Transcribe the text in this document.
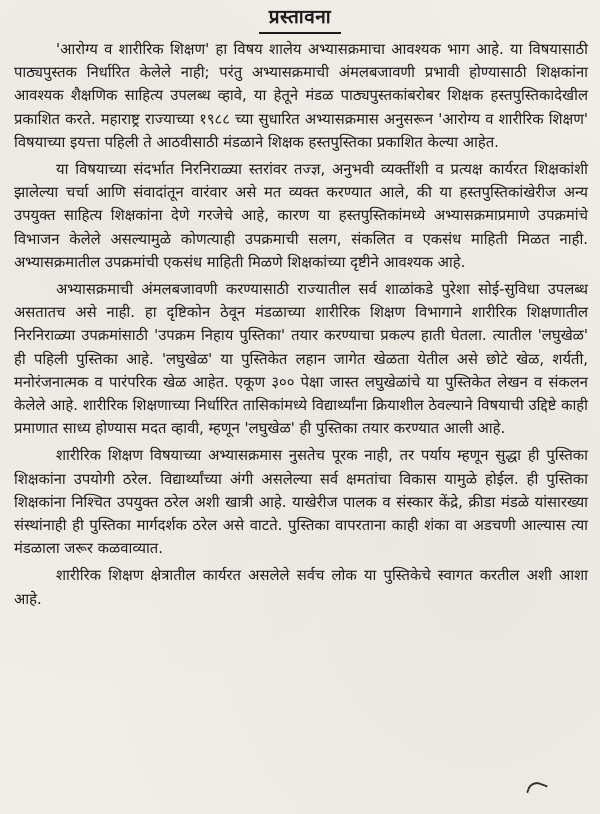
प्रस्तावना

'आरोग्य व शारीरिक शिक्षण' हा विषय शालेय अभ्यासक्रमाचा आवश्यक भाग आहे. या विषयासाठी पाठ्यपुस्तक निर्धारित केलेले नाही; परंतु अभ्यासक्रमाची अंमलबजावणी प्रभावी होण्यासाठी शिक्षकांना आवश्यक शैक्षणिक साहित्य उपलब्ध व्हावे, या हेतूने मंडळ पाठ्यपुस्तकांबरोबर शिक्षक हस्तपुस्तिकादेखील प्रकाशित करते. महाराष्ट्र राज्याच्या १९८८ च्या सुधारित अभ्यासक्रमास अनुसरून 'आरोग्य व शारीरिक शिक्षण' विषयाच्या इयत्ता पहिली ते आठवीसाठी मंडळाने शिक्षक हस्तपुस्तिका प्रकाशित केल्या आहेत.

या विषयाच्या संदर्भात निरनिराळ्या स्तरांवर तज्ज्ञ, अनुभवी व्यक्तींशी व प्रत्यक्ष कार्यरत शिक्षकांशी झालेल्या चर्चा आणि संवादांतून वारंवार असे मत व्यक्त करण्यात आले, की या हस्तपुस्तिकांखेरीज अन्य उपयुक्त साहित्य शिक्षकांना देणे गरजेचे आहे, कारण या हस्तपुस्तिकांमध्ये अभ्यासक्रमाप्रमाणे उपक्रमांचे विभाजन केलेले असल्यामुळे कोणत्याही उपक्रमाची सलग, संकलित व एकसंध माहिती मिळत नाही. अभ्यासक्रमातील उपक्रमांची एकसंध माहिती मिळणे शिक्षकांच्या दृष्टीने आवश्यक आहे.

अभ्यासक्रमाची अंमलबजावणी करण्यासाठी राज्यातील सर्व शाळांकडे पुरेशा सोई-सुविधा उपलब्ध असतातच असे नाही. हा दृष्टिकोन ठेवून मंडळाच्या शारीरिक शिक्षण विभागाने शारीरिक शिक्षणातील निरनिराळ्या उपक्रमांसाठी 'उपक्रम निहाय पुस्तिका' तयार करण्याचा प्रकल्प हाती घेतला. त्यातील 'लघुखेळ' ही पहिली पुस्तिका आहे. 'लघुखेळ' या पुस्तिकेत लहान जागेत खेळता येतील असे छोटे खेळ, शर्यती, मनोरंजनात्मक व पारंपरिक खेळ आहेत. एकूण ३०० पेक्षा जास्त लघुखेळांचे या पुस्तिकेत लेखन व संकलन केलेले आहे. शारीरिक शिक्षणाच्या निर्धारित तासिकांमध्ये विद्यार्थ्यांना क्रियाशील ठेवल्याने विषयाची उद्दिष्टे काही प्रमाणात साध्य होण्यास मदत व्हावी, म्हणून 'लघुखेळ' ही पुस्तिका तयार करण्यात आली आहे.

शारीरिक शिक्षण विषयाच्या अभ्यासक्रमास नुसतेच पूरक नाही, तर पर्याय म्हणून सुद्धा ही पुस्तिका शिक्षकांना उपयोगी ठरेल. विद्यार्थ्यांच्या अंगी असलेल्या सर्व क्षमतांचा विकास यामुळे होईल. ही पुस्तिका शिक्षकांना निश्चित उपयुक्त ठरेल अशी खात्री आहे. याखेरीज पालक व संस्कार केंद्रे, क्रीडा मंडळे यांसारख्या संस्थांनाही ही पुस्तिका मार्गदर्शक ठरेल असे वाटते. पुस्तिका वापरताना काही शंका वा अडचणी आल्यास त्या मंडळाला जरूर कळवाव्यात.

शारीरिक शिक्षण क्षेत्रातील कार्यरत असलेले सर्वच लोक या पुस्तिकेचे स्वागत करतील अशी आशा आहे.
